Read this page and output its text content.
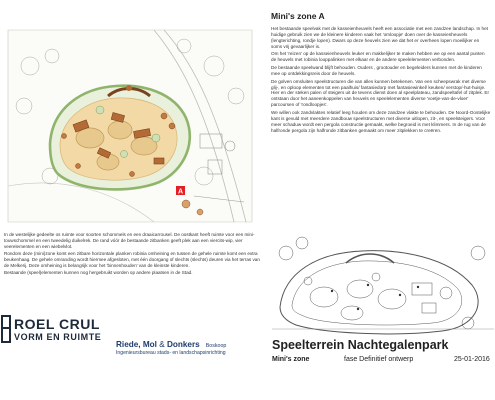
A

In de westelijke gedeelte os ruimte voor soorten schommels en een draaicarrousel. De oostkant heeft ruimte voor een mini-touwschommel en een tweedelig duikelrek. De rand vóór de bestaande zitbanken geeft plek aan een viercits-wip, vier veerelementen en een wiebelvlot.

Rondom deze (mini)zone komt een zitbare horizontale planken robinia omheining en tussen de gehele ruimte komt een extra beukenhaag. De gehele omranding wordt hiermee afgesloten, met één doorgang of slechts (slechts) deuren via het terras van de Melkerij. Deze omheining is belangrijk voor het 'binnenhouden' van de kleinste kinderen.

Bestaande (speel)elementen kunnen nog hergebruikt worden op andere plaatsen in de Stad.

Mini's zone A

Het bestaande speelvak met de kasseienheuvels heeft een associatie met een zandzee landschap. In het huidige gebruik zien we de kleinere kinderen vaak het 'omloopje' doen over de kasseienheuvels (lengterichting, rondje lopen). Dwars op deze heuvels zien we dat het er overheen lopen moeilijker en soms vrij gevaarlijker is.

Om het 'reizen' op de kasseienheuvels leuker en makkelijker te maken hebben we op een aantal punten de heuvels met robinia looppalinken met elkaar en de andere speelelementen verbonden.

De bestaande speelwand blijft behouden. Ouders , grootouder en begeleiders kunnen met de kinderen mee op ontdekkingsreis door de heuvels.

De golven omsluiten speelstructuren die van alles kunnen betekenen. Van een scheepswrak met diverse glij-, en oploop elementen tot een paalhuis/ fantasiedorp met fantasiewinkel/ keuken/ verstop/-hut-huisje. Hier en der steken palen of steigers uit de tevens dienst doen al speelplateau, zandspeeltafel of zitplek. Er ontstaan door het aaneenkoppelen van heuvels en speelelementen diverse 'voetje-van-de-vloer' parcoursen of 'rondloopjes'.

We willen ook zandvlaktes relatief leeg houden om deze zandzee vlakte te behouden. De Noord-Oostelijke kant is gevuld met meerdere zandbouw speelstructuren met diverse uitlopen, zit-, en speelsteigers. Voor meer schaduw wordt een pergola constructie gemaakt, welke begroeid is met klimmers. In de rug van de halfronde pergola zijn halfronde zitbanken gemaakt om meer zitplekken te creëren.

ROEL CRUL
VORM EN RUIMTE
Riede, Mol & Donkers Boskoop
Ingenieursbureau stads- en landschapsinrichting
Speelterrein Nachtegalenpark
Mini's zone	fase Definitief ontwerp	25-01-2016
